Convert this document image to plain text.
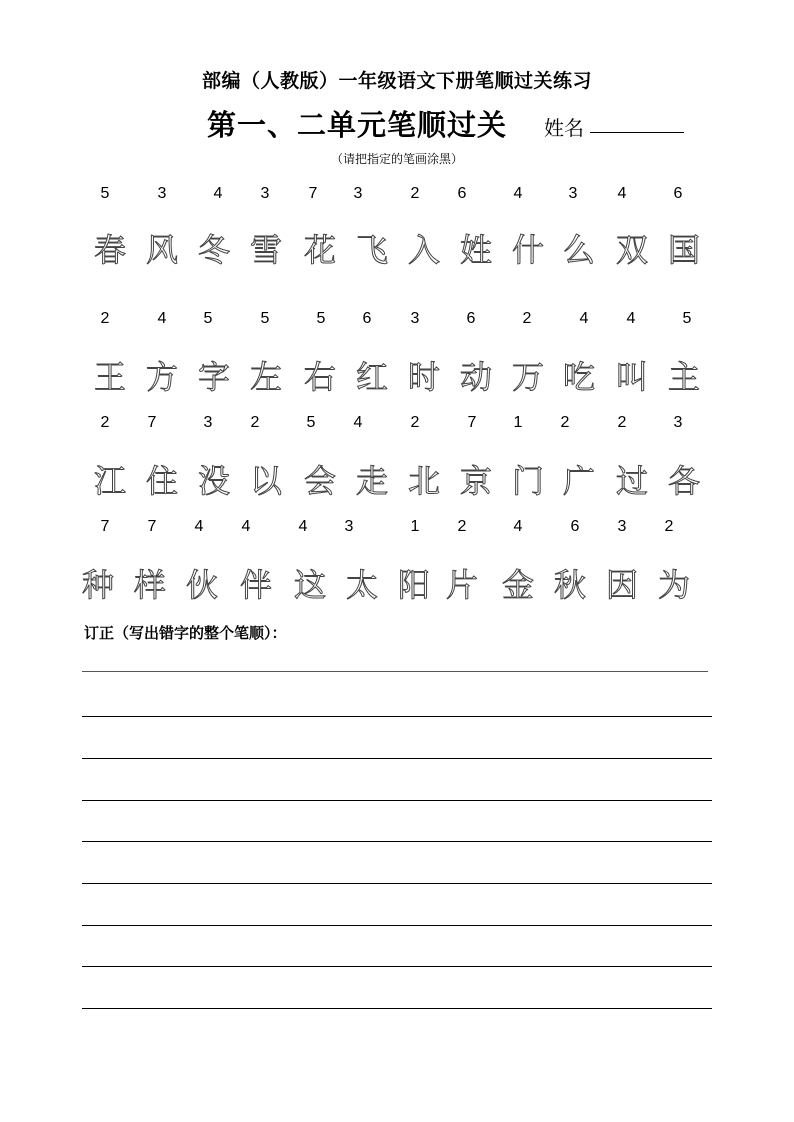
部编（人教版）一年级语文下册笔顺过关练习
第一、二单元笔顺过关 姓名
（请把指定的笔画涂黑）
5	3	4	3	7	3	2	6	4	3	4	6
春 风 冬 雪 花 飞 入 姓 什 么 双 国
2	4	5	5	5	6	3	6	2	4	4	5
王 方 字 左 右 红 时 动 万 吃 叫 主
2	7	3	2	5	4	2	7	1	2	2	3
江 住 没 以 会 走 北 京 门 广 过 各
7	7	4	4	4	3	1	2	4	6	3	2
种 样 伙 伴 这 太 阳 片 金 秋 因 为
订正（写出错字的整个笔顺）：
